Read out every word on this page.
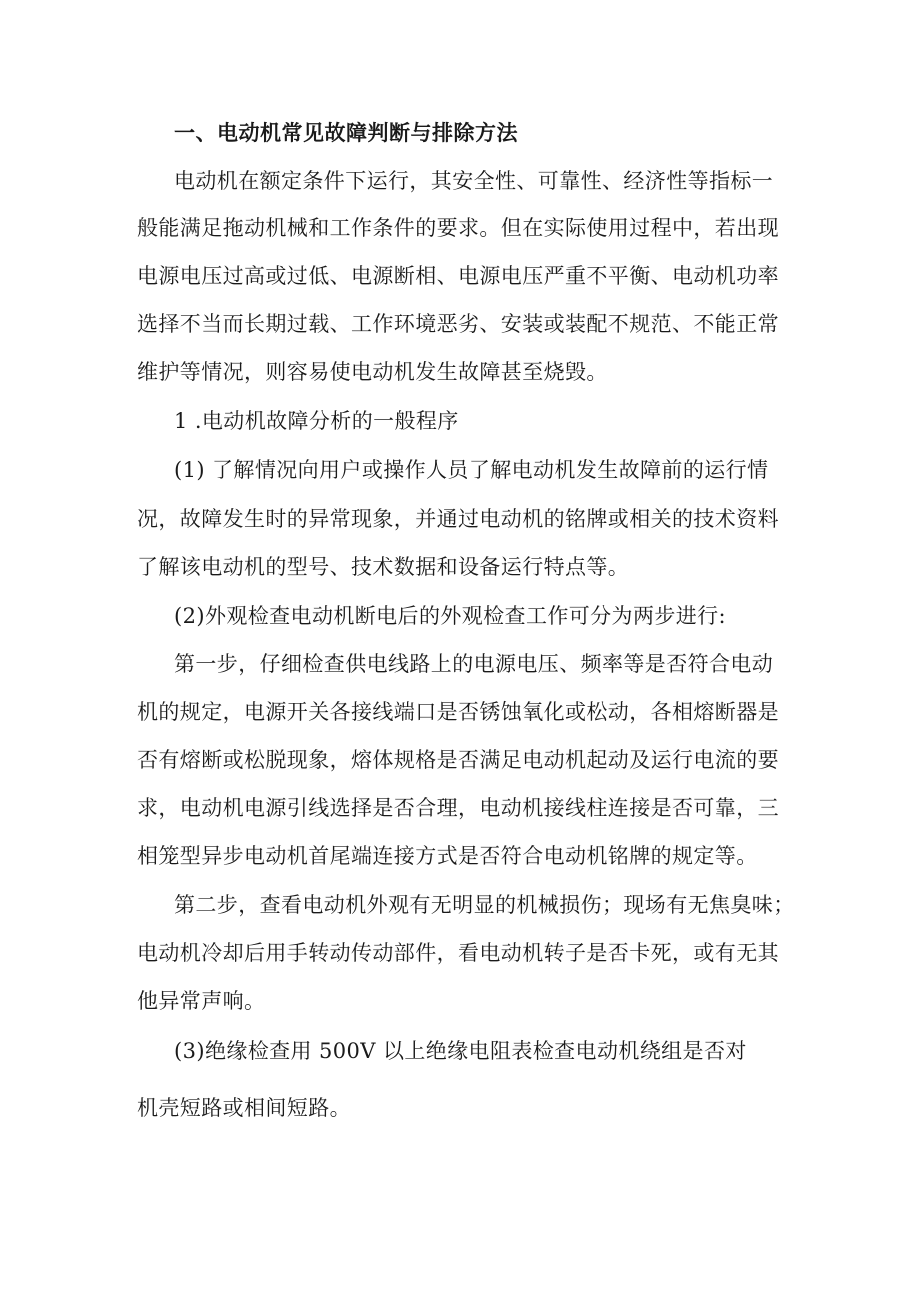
一、电动机常见故障判断与排除方法
电动机在额定条件下运行，其安全性、可靠性、经济性等指标一
般能满足拖动机械和工作条件的要求。但在实际使用过程中，若出现
电源电压过高或过低、电源断相、电源电压严重不平衡、电动机功率
选择不当而长期过载、工作环境恶劣、安装或装配不规范、不能正常
维护等情况，则容易使电动机发生故障甚至烧毁。
1 .电动机故障分析的一般程序
(1) 了解情况向用户或操作人员了解电动机发生故障前的运行情
况，故障发生时的异常现象，并通过电动机的铭牌或相关的技术资料
了解该电动机的型号、技术数据和设备运行特点等。
(2)外观检查电动机断电后的外观检查工作可分为两步进行:
第一步，仔细检查供电线路上的电源电压、频率等是否符合电动
机的规定，电源开关各接线端口是否锈蚀氧化或松动，各相熔断器是
否有熔断或松脱现象，熔体规格是否满足电动机起动及运行电流的要
求，电动机电源引线选择是否合理，电动机接线柱连接是否可靠，三
相笼型异步电动机首尾端连接方式是否符合电动机铭牌的规定等。
第二步，查看电动机外观有无明显的机械损伤；现场有无焦臭味；
电动机冷却后用手转动传动部件，看电动机转子是否卡死，或有无其
他异常声响。
(3)绝缘检查用 500V 以上绝缘电阻表检查电动机绕组是否对
机壳短路或相间短路。
